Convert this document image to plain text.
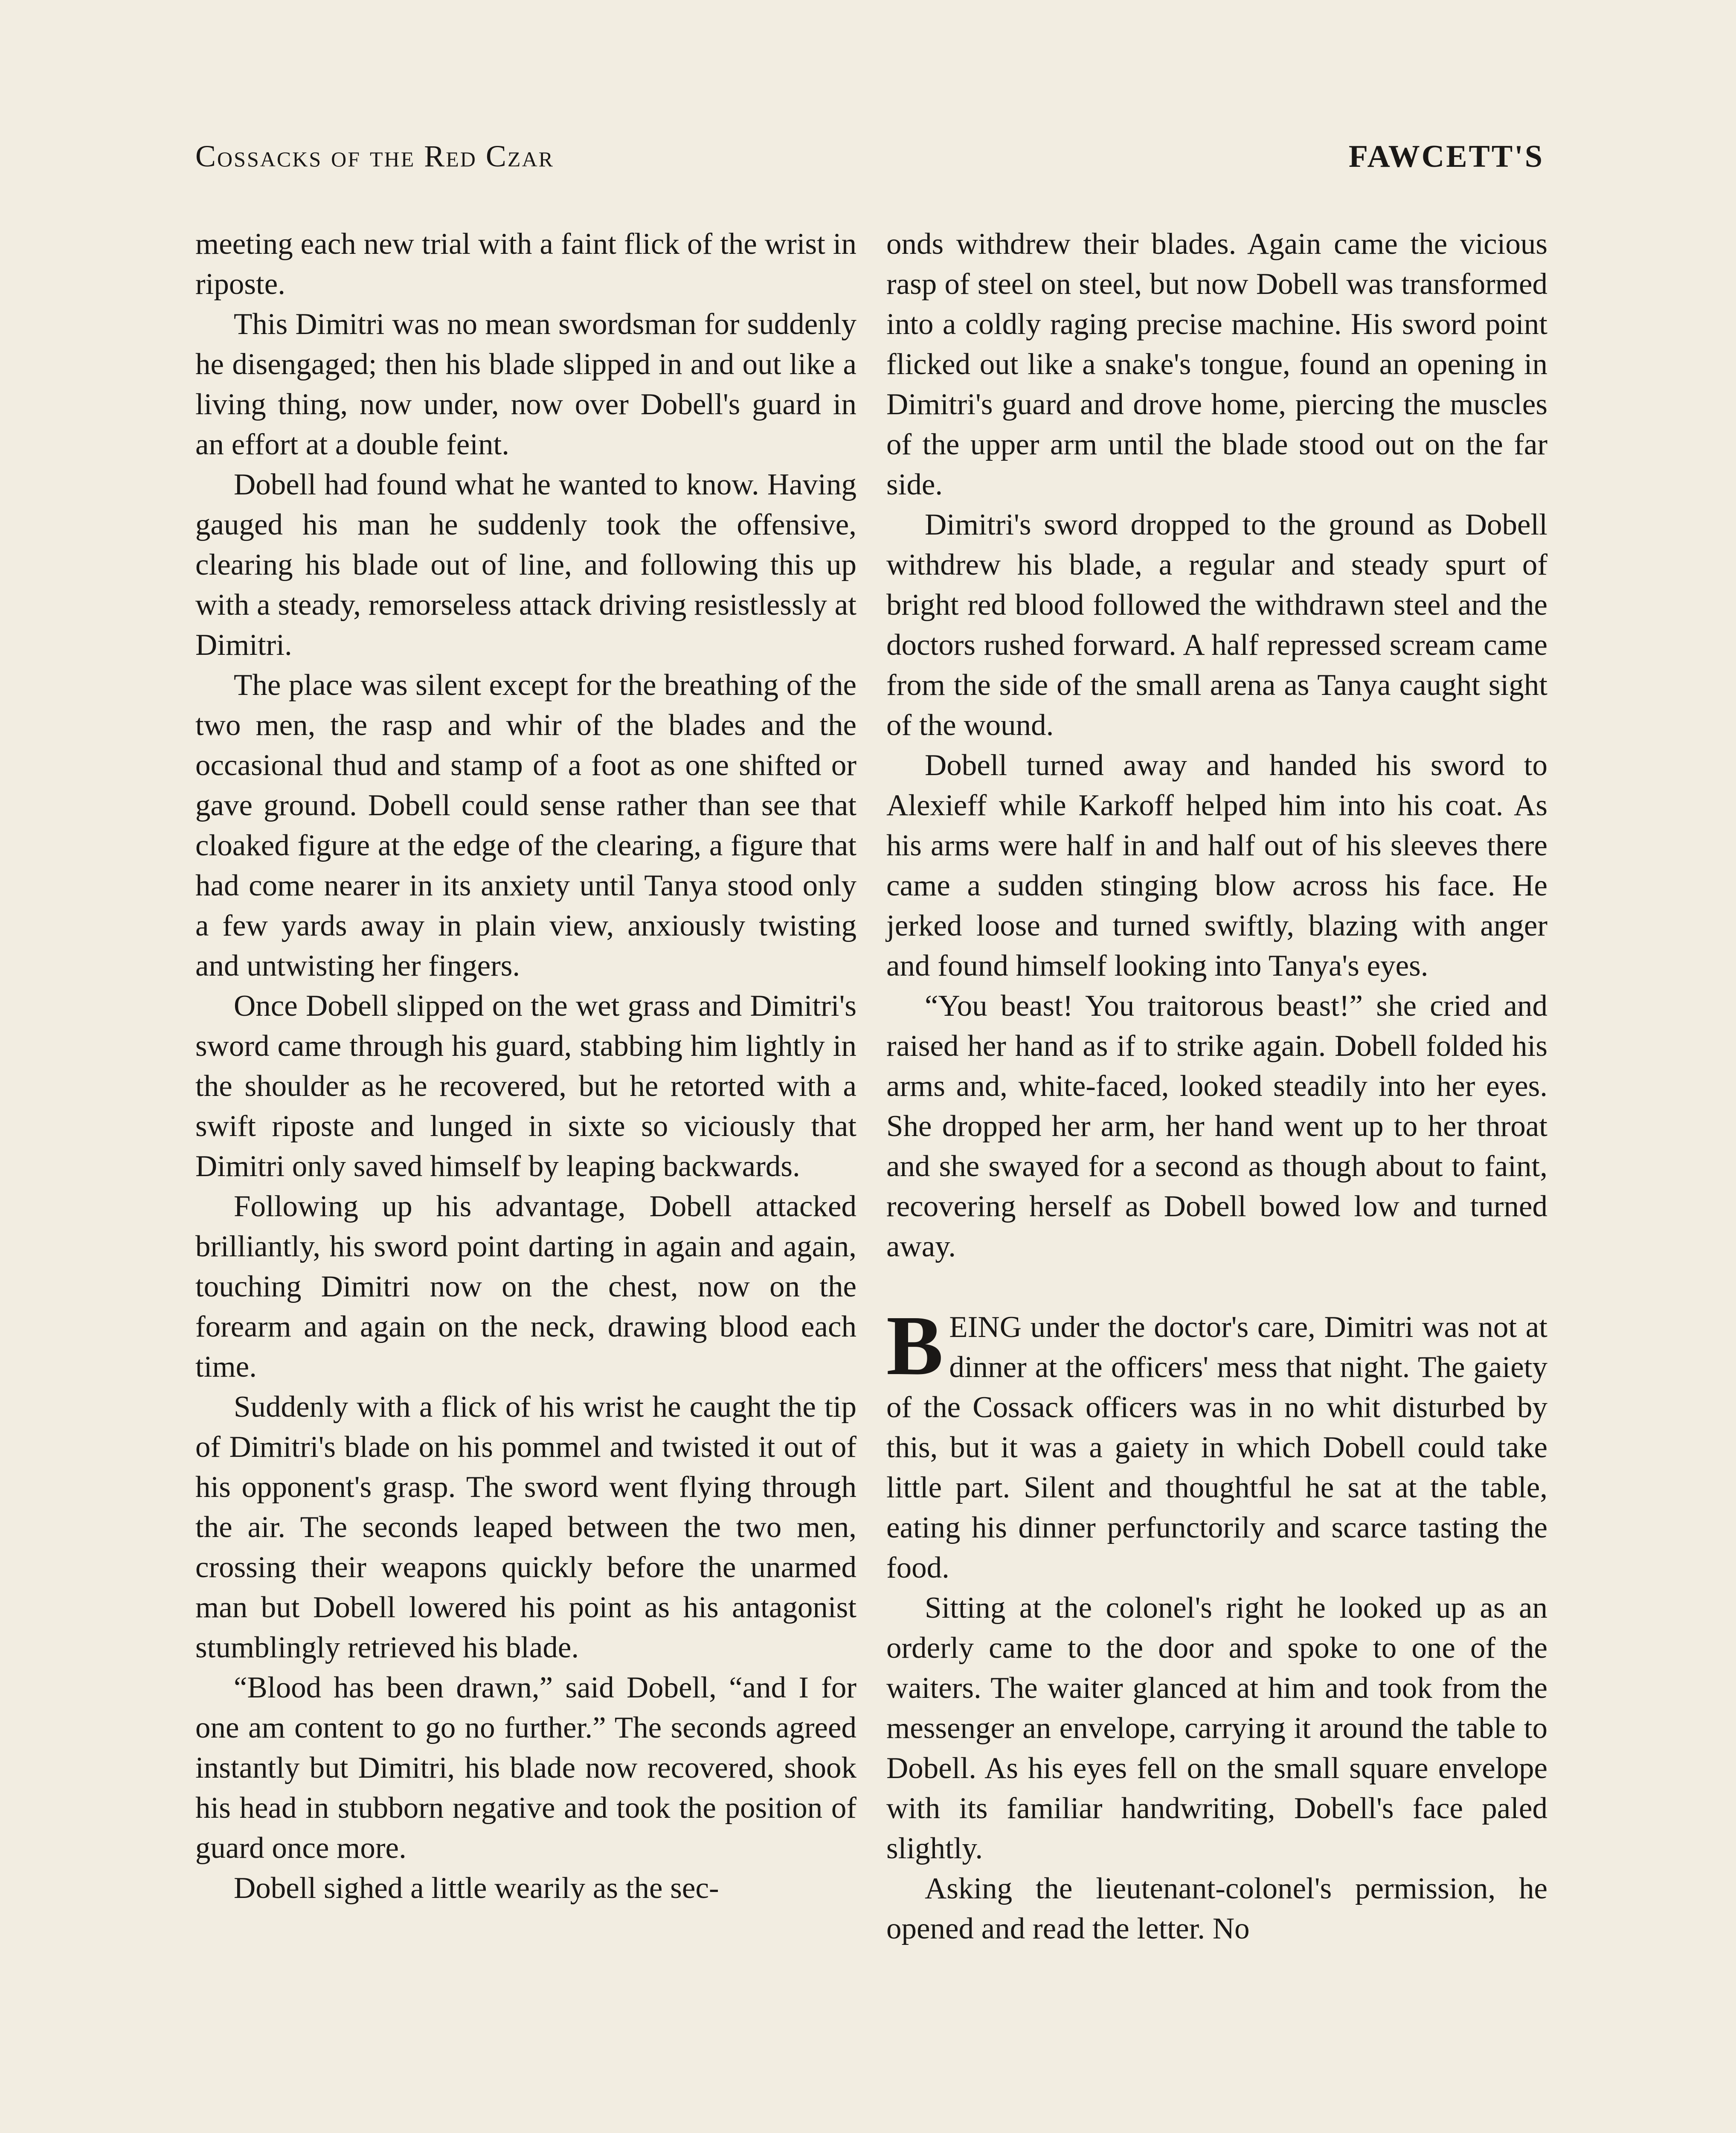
Cossacks of the Red Czar	FAWCETT'S

meeting each new trial with a faint flick of the wrist in riposte.

This Dimitri was no mean swordsman for suddenly he disengaged; then his blade slipped in and out like a living thing, now under, now over Dobell's guard in an effort at a double feint.

Dobell had found what he wanted to know. Having gauged his man he suddenly took the offensive, clearing his blade out of line, and following this up with a steady, remorseless attack driving resistlessly at Dimitri.

The place was silent except for the breathing of the two men, the rasp and whir of the blades and the occasional thud and stamp of a foot as one shifted or gave ground. Dobell could sense rather than see that cloaked figure at the edge of the clearing, a figure that had come nearer in its anxiety until Tanya stood only a few yards away in plain view, anxiously twisting and untwisting her fingers.

Once Dobell slipped on the wet grass and Dimitri's sword came through his guard, stabbing him lightly in the shoulder as he recovered, but he retorted with a swift riposte and lunged in sixte so viciously that Dimitri only saved himself by leaping backwards.

Following up his advantage, Dobell attacked brilliantly, his sword point darting in again and again, touching Dimitri now on the chest, now on the forearm and again on the neck, drawing blood each time.

Suddenly with a flick of his wrist he caught the tip of Dimitri's blade on his pommel and twisted it out of his opponent's grasp. The sword went flying through the air. The seconds leaped between the two men, crossing their weapons quickly before the unarmed man but Dobell lowered his point as his antagonist stumblingly retrieved his blade.

“Blood has been drawn,” said Dobell, “and I for one am content to go no further.” The seconds agreed instantly but Dimitri, his blade now recovered, shook his head in stubborn negative and took the position of guard once more.

Dobell sighed a little wearily as the sec-

onds withdrew their blades. Again came the vicious rasp of steel on steel, but now Dobell was transformed into a coldly raging precise machine. His sword point flicked out like a snake's tongue, found an opening in Dimitri's guard and drove home, piercing the muscles of the upper arm until the blade stood out on the far side.

Dimitri's sword dropped to the ground as Dobell withdrew his blade, a regular and steady spurt of bright red blood followed the withdrawn steel and the doctors rushed forward. A half repressed scream came from the side of the small arena as Tanya caught sight of the wound.

Dobell turned away and handed his sword to Alexieff while Karkoff helped him into his coat. As his arms were half in and half out of his sleeves there came a sudden stinging blow across his face. He jerked loose and turned swiftly, blazing with anger and found himself looking into Tanya's eyes.

“You beast! You traitorous beast!” she cried and raised her hand as if to strike again. Dobell folded his arms and, white-faced, looked steadily into her eyes. She dropped her arm, her hand went up to her throat and she swayed for a second as though about to faint, recovering herself as Dobell bowed low and turned away.

BEING under the doctor's care, Dimitri was not at dinner at the officers' mess that night. The gaiety of the Cossack officers was in no whit disturbed by this, but it was a gaiety in which Dobell could take little part. Silent and thoughtful he sat at the table, eating his dinner perfunctorily and scarce tasting the food.

Sitting at the colonel's right he looked up as an orderly came to the door and spoke to one of the waiters. The waiter glanced at him and took from the messenger an envelope, carrying it around the table to Dobell. As his eyes fell on the small square envelope with its familiar handwriting, Dobell's face paled slightly.

Asking the lieutenant-colonel's permission, he opened and read the letter. No
